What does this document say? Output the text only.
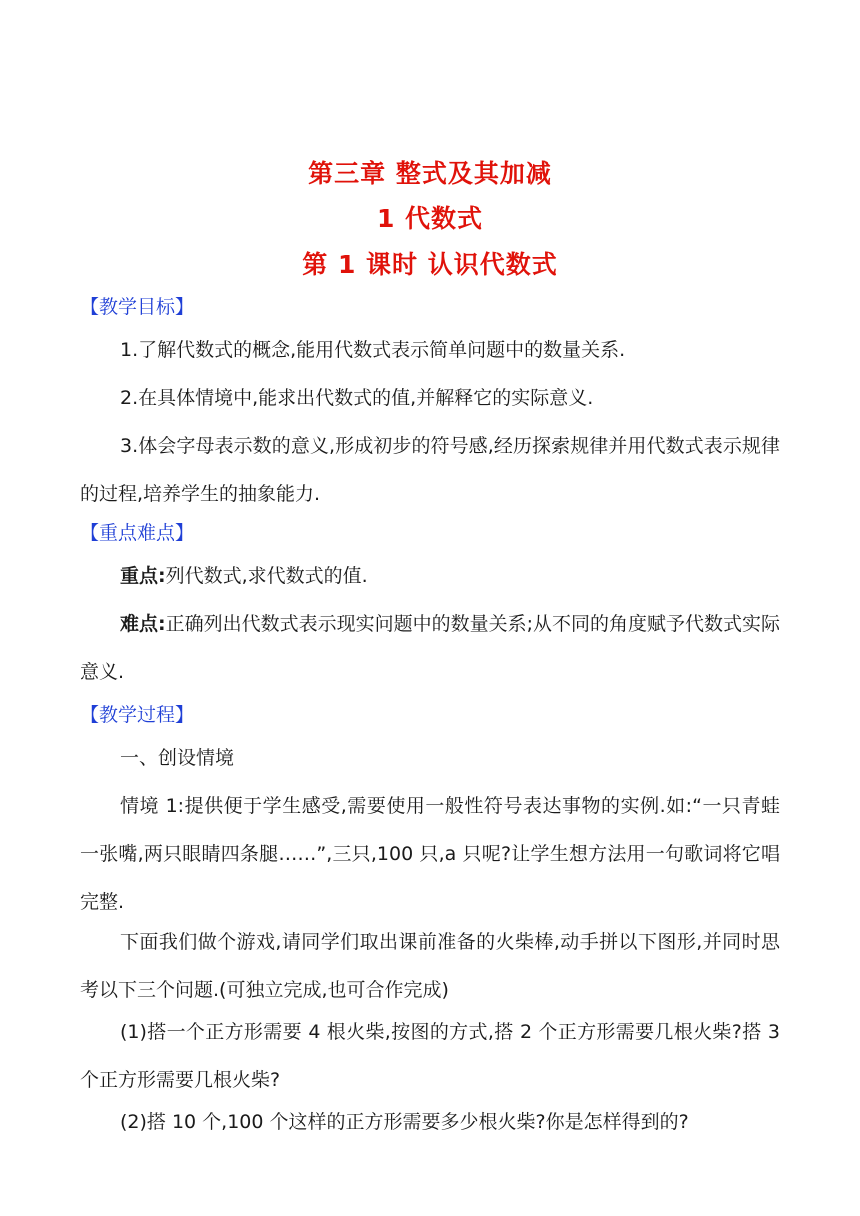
第三章 整式及其加减
1 代数式
第 1 课时 认识代数式
【教学目标】
1.了解代数式的概念,能用代数式表示简单问题中的数量关系.
2.在具体情境中,能求出代数式的值,并解释它的实际意义.
3.体会字母表示数的意义,形成初步的符号感,经历探索规律并用代数式表示规律的过程,培养学生的抽象能力.
【重点难点】
重点:列代数式,求代数式的值.
难点:正确列出代数式表示现实问题中的数量关系;从不同的角度赋予代数式实际意义.
【教学过程】
一、创设情境
情境 1:提供便于学生感受,需要使用一般性符号表达事物的实例.如:“一只青蛙一张嘴,两只眼睛四条腿……”,三只,100 只,a 只呢?让学生想方法用一句歌词将它唱完整.
下面我们做个游戏,请同学们取出课前准备的火柴棒,动手拼以下图形,并同时思考以下三个问题.(可独立完成,也可合作完成)
(1)搭一个正方形需要 4 根火柴,按图的方式,搭 2 个正方形需要几根火柴?搭 3 个正方形需要几根火柴?
(2)搭 10 个,100 个这样的正方形需要多少根火柴?你是怎样得到的?
